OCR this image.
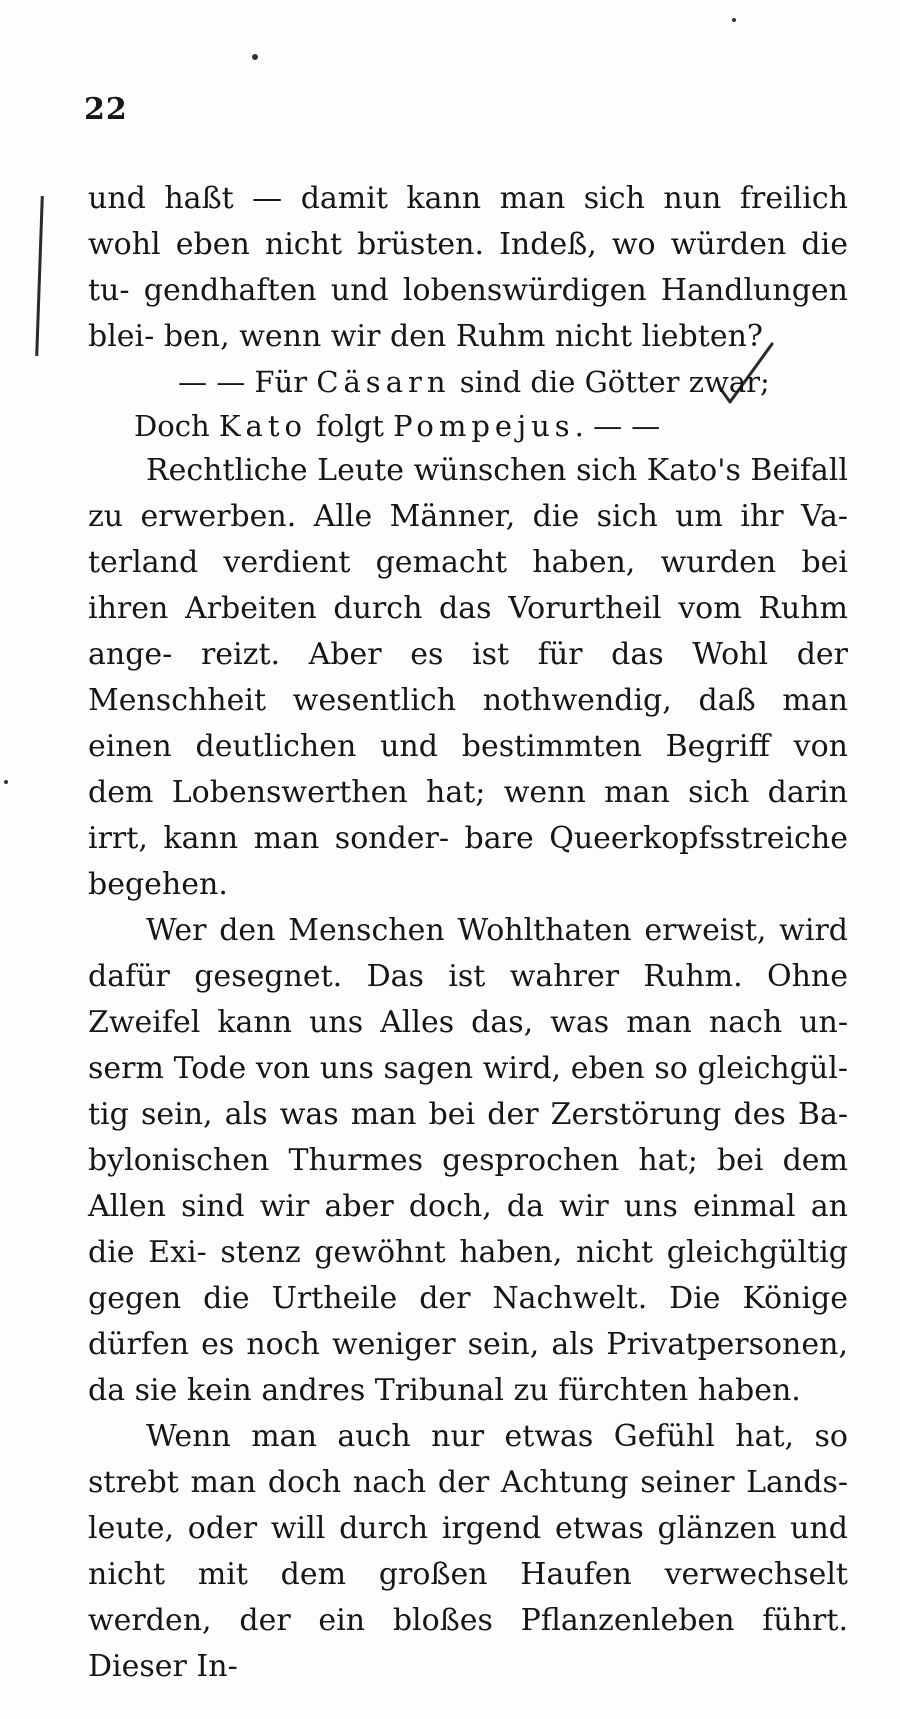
22

und haßt — damit kann man sich nun freilich wohl eben nicht brüsten. Indeß, wo würden die tu- gendhaften und lobenswürdigen Handlungen blei- ben, wenn wir den Ruhm nicht liebten?

— — Für Cäsarn sind die Götter zwar;

Doch Kato folgt Pompejus. — —

Rechtliche Leute wünschen sich Kato's Beifall zu erwerben. Alle Männer, die sich um ihr Va- terland verdient gemacht haben, wurden bei ihren Arbeiten durch das Vorurtheil vom Ruhm ange- reizt. Aber es ist für das Wohl der Menschheit wesentlich nothwendig, daß man einen deutlichen und bestimmten Begriff von dem Lobenswerthen hat; wenn man sich darin irrt, kann man sonder- bare Queerkopfsstreiche begehen.

Wer den Menschen Wohlthaten erweist, wird dafür gesegnet. Das ist wahrer Ruhm. Ohne Zweifel kann uns Alles das, was man nach un- serm Tode von uns sagen wird, eben so gleichgül- tig sein, als was man bei der Zerstörung des Ba- bylonischen Thurmes gesprochen hat; bei dem Allen sind wir aber doch, da wir uns einmal an die Exi- stenz gewöhnt haben, nicht gleichgültig gegen die Urtheile der Nachwelt. Die Könige dürfen es noch weniger sein, als Privatpersonen, da sie kein andres Tribunal zu fürchten haben.

Wenn man auch nur etwas Gefühl hat, so strebt man doch nach der Achtung seiner Lands- leute, oder will durch irgend etwas glänzen und nicht mit dem großen Haufen verwechselt werden, der ein bloßes Pflanzenleben führt. Dieser In-
